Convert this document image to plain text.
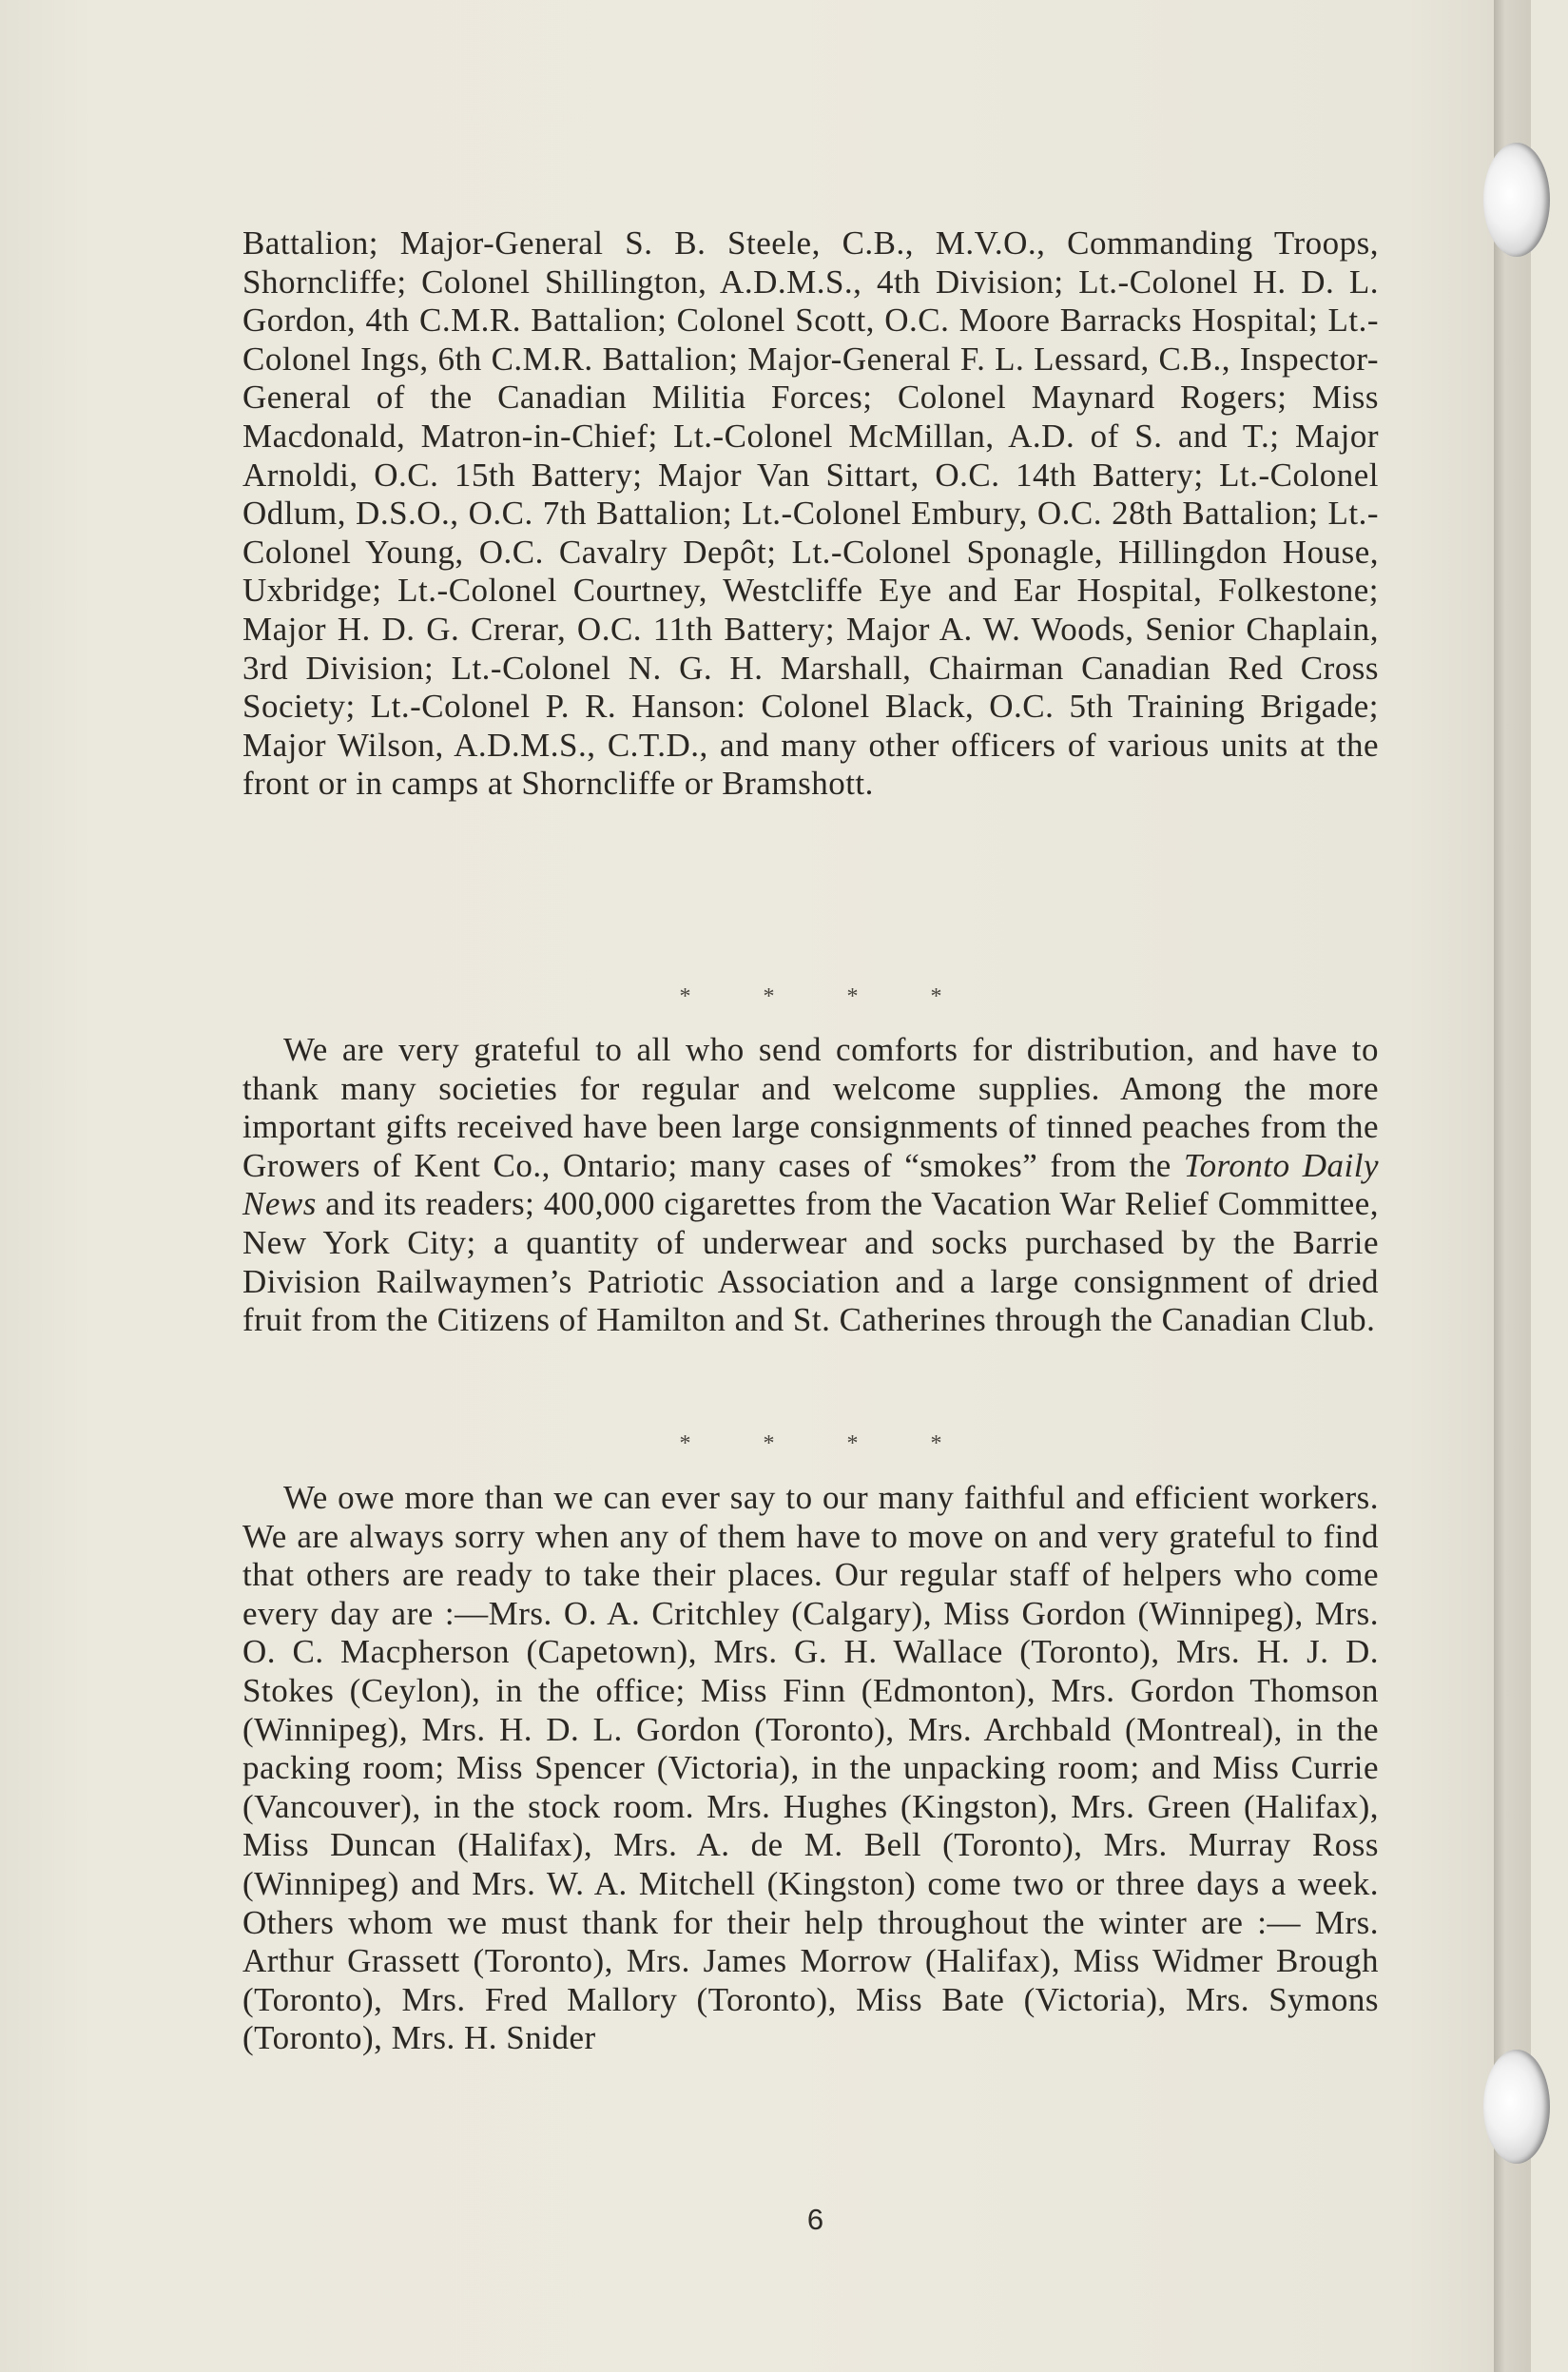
Battalion; Major-General S. B. Steele, C.B., M.V.O., Commanding Troops, Shorncliffe; Colonel Shillington, A.D.M.S., 4th Division; Lt.-Colonel H. D. L. Gordon, 4th C.M.R. Battalion; Colonel Scott, O.C. Moore Barracks Hospital; Lt.-Colonel Ings, 6th C.M.R. Battalion; Major-General F. L. Lessard, C.B., Inspector-General of the Canadian Militia Forces; Colonel Maynard Rogers; Miss Macdonald, Matron-in-Chief; Lt.-Colonel McMillan, A.D. of S. and T.; Major Arnoldi, O.C. 15th Battery; Major Van Sittart, O.C. 14th Battery; Lt.-Colonel Odlum, D.S.O., O.C. 7th Battalion; Lt.-Colonel Embury, O.C. 28th Battalion; Lt.-Colonel Young, O.C. Cavalry Depôt; Lt.-Colonel Sponagle, Hillingdon House, Uxbridge; Lt.-Colonel Courtney, Westcliffe Eye and Ear Hospital, Folkestone; Major H. D. G. Crerar, O.C. 11th Battery; Major A. W. Woods, Senior Chaplain, 3rd Division; Lt.-Colonel N. G. H. Marshall, Chairman Canadian Red Cross Society; Lt.-Colonel P. R. Hanson: Colonel Black, O.C. 5th Training Brigade; Major Wilson, A.D.M.S., C.T.D., and many other officers of various units at the front or in camps at Shorncliffe or Bramshott.

*	*	*	*

We are very grateful to all who send comforts for distribution, and have to thank many societies for regular and welcome supplies. Among the more important gifts received have been large consignments of tinned peaches from the Growers of Kent Co., Ontario; many cases of “smokes” from the Toronto Daily News and its readers; 400,000 cigarettes from the Vacation War Relief Committee, New York City; a quantity of underwear and socks purchased by the Barrie Division Railwaymen’s Patriotic Association and a large consignment of dried fruit from the Citizens of Hamilton and St. Catherines through the Canadian Club.

*	*	*	*

We owe more than we can ever say to our many faithful and efficient workers. We are always sorry when any of them have to move on and very grateful to find that others are ready to take their places. Our regular staff of helpers who come every day are :—Mrs. O. A. Critchley (Calgary), Miss Gordon (Winnipeg), Mrs. O. C. Macpherson (Capetown), Mrs. G. H. Wallace (Toronto), Mrs. H. J. D. Stokes (Ceylon), in the office; Miss Finn (Edmonton), Mrs. Gordon Thomson (Winnipeg), Mrs. H. D. L. Gordon (Toronto), Mrs. Archbald (Montreal), in the packing room; Miss Spencer (Victoria), in the unpacking room; and Miss Currie (Vancouver), in the stock room. Mrs. Hughes (Kingston), Mrs. Green (Halifax), Miss Duncan (Halifax), Mrs. A. de M. Bell (Toronto), Mrs. Murray Ross (Winnipeg) and Mrs. W. A. Mitchell (Kingston) come two or three days a week. Others whom we must thank for their help throughout the winter are :— Mrs. Arthur Grassett (Toronto), Mrs. James Morrow (Halifax), Miss Widmer Brough (Toronto), Mrs. Fred Mallory (Toronto), Miss Bate (Victoria), Mrs. Symons (Toronto), Mrs. H. Snider

6
